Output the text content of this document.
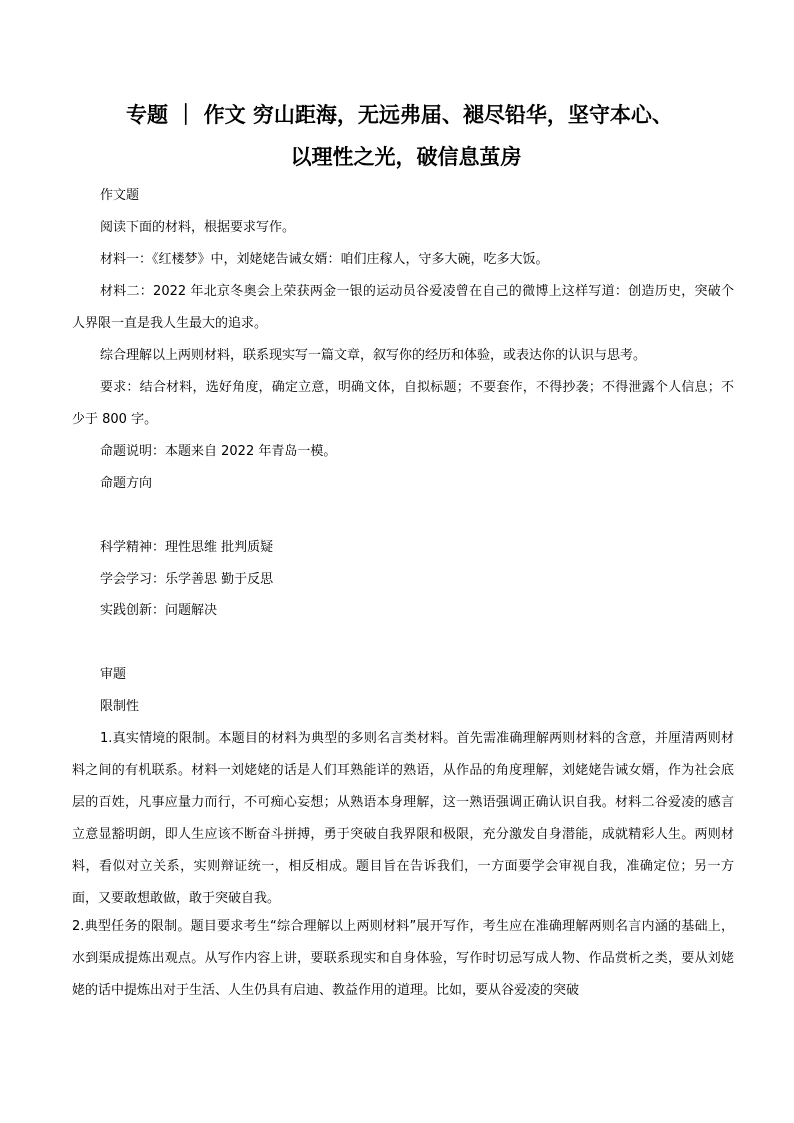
专题 ｜ 作文 穷山距海，无远弗届、褪尽铅华，坚守本心、
以理性之光，破信息茧房
作文题
阅读下面的材料，根据要求写作。
材料一：《红楼梦》中，刘姥姥告诫女婿：咱们庄稼人，守多大碗，吃多大饭。
材料二：2022 年北京冬奥会上荣获两金一银的运动员谷爱凌曾在自己的微博上这样写道：创造历史，突破个人界限一直是我人生最大的追求。
综合理解以上两则材料，联系现实写一篇文章，叙写你的经历和体验，或表达你的认识与思考。
要求：结合材料，选好角度，确定立意，明确文体，自拟标题；不要套作，不得抄袭；不得泄露个人信息；不少于 800 字。
命题说明：本题来自 2022 年青岛一模。
命题方向
科学精神：理性思维 批判质疑
学会学习：乐学善思 勤于反思
实践创新：问题解决
审题
限制性
1.真实情境的限制。本题目的材料为典型的多则名言类材料。首先需准确理解两则材料的含意，并厘清两则材料之间的有机联系。材料一刘姥姥的话是人们耳熟能详的熟语，从作品的角度理解，刘姥姥告诫女婿，作为社会底层的百姓，凡事应量力而行，不可痴心妄想；从熟语本身理解，这一熟语强调正确认识自我。材料二谷爱凌的感言立意显豁明朗，即人生应该不断奋斗拼搏，勇于突破自我界限和极限，充分激发自身潜能，成就精彩人生。两则材料，看似对立关系，实则辩证统一，相反相成。题目旨在告诉我们，一方面要学会审视自我，准确定位；另一方面，又要敢想敢做，敢于突破自我。
2.典型任务的限制。题目要求考生“综合理解以上两则材料”展开写作，考生应在准确理解两则名言内涵的基础上，水到渠成提炼出观点。从写作内容上讲，要联系现实和自身体验，写作时切忌写成人物、作品赏析之类，要从刘姥姥的话中提炼出对于生活、人生仍具有启迪、教益作用的道理。比如，要从谷爱凌的突破
